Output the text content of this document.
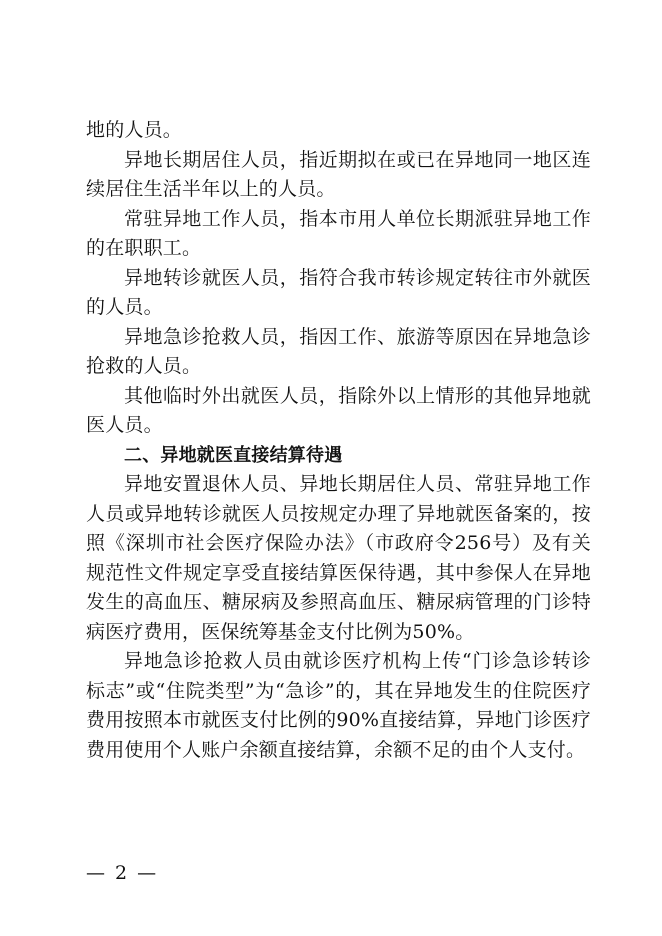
地的人员。

异地长期居住人员，指近期拟在或已在异地同一地区连续居住生活半年以上的人员。

常驻异地工作人员，指本市用人单位长期派驻异地工作的在职职工。

异地转诊就医人员，指符合我市转诊规定转往市外就医的人员。

异地急诊抢救人员，指因工作、旅游等原因在异地急诊抢救的人员。

其他临时外出就医人员，指除外以上情形的其他异地就医人员。

二、异地就医直接结算待遇

异地安置退休人员、异地长期居住人员、常驻异地工作人员或异地转诊就医人员按规定办理了异地就医备案的，按照《深圳市社会医疗保险办法》（市政府令256号）及有关规范性文件规定享受直接结算医保待遇，其中参保人在异地发生的高血压、糖尿病及参照高血压、糖尿病管理的门诊特病医疗费用，医保统筹基金支付比例为50%。

异地急诊抢救人员由就诊医疗机构上传“门诊急诊转诊标志”或“住院类型”为“急诊”的，其在异地发生的住院医疗费用按照本市就医支付比例的90%直接结算，异地门诊医疗费用使用个人账户余额直接结算，余额不足的由个人支付。

— 2 —
